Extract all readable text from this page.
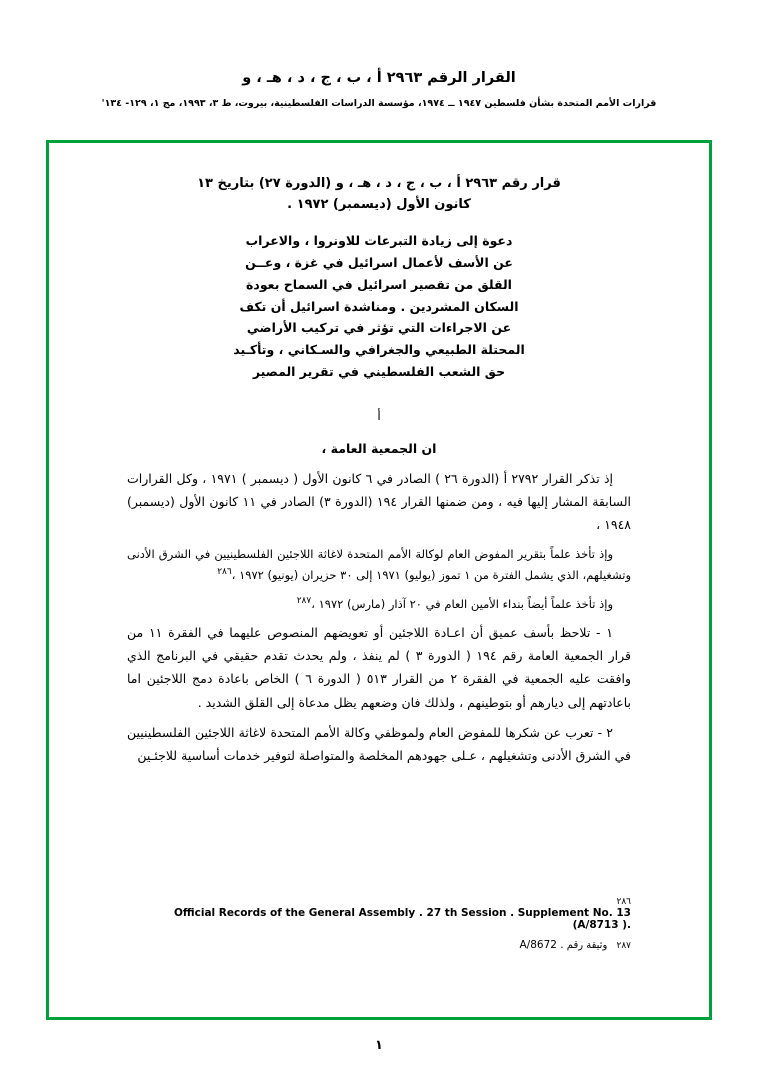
القرار الرقم ٢٩٦٣ أ ، ب ، ج ، د ، هـ ، و
قرارات الأمم المتحدة بشأن فلسطين ١٩٤٧ ــ ١٩٧٤، مؤسسة الدراسات الفلسطينية، بيروت، ط ٣، ١٩٩٣، مج ١، ١٢٩- ١٣٤'
قرار رقم ٢٩٦٣ أ ، ب ، ج ، د ، هـ ، و (الدورة ٢٧) بتاريخ ١٣
كانون الأول (ديسمبر) ١٩٧٢ .
دعوة إلى زيادة التبرعات للاونروا ، والاعراب
عن الأسف لأعمال اسرائيل في غزة ، وعــن
القلق من تقصير اسرائيل في السماح بعودة
السكان المشردين . ومناشدة اسرائيل أن تكف
عن الاجراءات التي تؤثر في تركيب الأراضي
المحتلة الطبيعي والجغرافي والسـكاني ، وتأكـيد
حق الشعب الفلسطيني في تقرير المصير
أ

ان الجمعية العامة ،

إذ تذكر القرار ٢٧٩٢ أ (الدورة ٢٦ ) الصادر في ٦ كانون الأول ( ديسمبر ) ١٩٧١ ، وكل القرارات السابقة المشار إليها فيه ، ومن ضمنها القرار ١٩٤ (الدورة ٣) الصادر في ١١ كانون الأول (ديسمبر) ١٩٤٨ ،

وإذ تأخذ علماً بتقرير المفوض العام لوكالة الأمم المتحدة لاغاثة اللاجئين الفلسطينيين في الشرق الأدنى وتشغيلهم، الذي يشمل الفترة من ١ تموز (يوليو) ١٩٧١ إلى ٣٠ حزيران (يونيو) ١٩٧٢ ،$^{٢٨٦}$

وإذ تأخذ علماً أيضاً بنداء الأمين العام في ٢٠ آذار (مارس) ١٩٧٢ ،$^{٢٨٧}$

١ - تلاحظ بأسف عميق أن اعـادة اللاجئين أو تعويضهم المنصوص عليهما في الفقرة ١١ من قرار الجمعية العامة رقم ١٩٤ ( الدورة ٣ ) لم ينفذ ، ولم يحدث تقدم حقيقي في البرنامج الذي وافقت عليه الجمعية في الفقرة ٢ من القرار ٥١٣ ( الدورة ٦ ) الخاص باعادة دمج اللاجئين اما باعادتهم إلى ديارهم أو بتوطينهم ، ولذلك فان وضعهم يظل مدعاة إلى القلق الشديد .

٢ - تعرب عن شكرها للمفوض العام ولموظفي وكالة الأمم المتحدة لاغاثة اللاجئين الفلسطينيين في الشرق الأدنى وتشغيلهم ، عـلى جهودهم المخلصة والمتواصلة لتوفير خدمات أساسية للاجئـين

٢٨٦ Official Records of the General Assembly . 27 th Session . Supplement No. 13 (A/8713 ).
٢٨٧ وثيقة رقم A/8672 .
١
